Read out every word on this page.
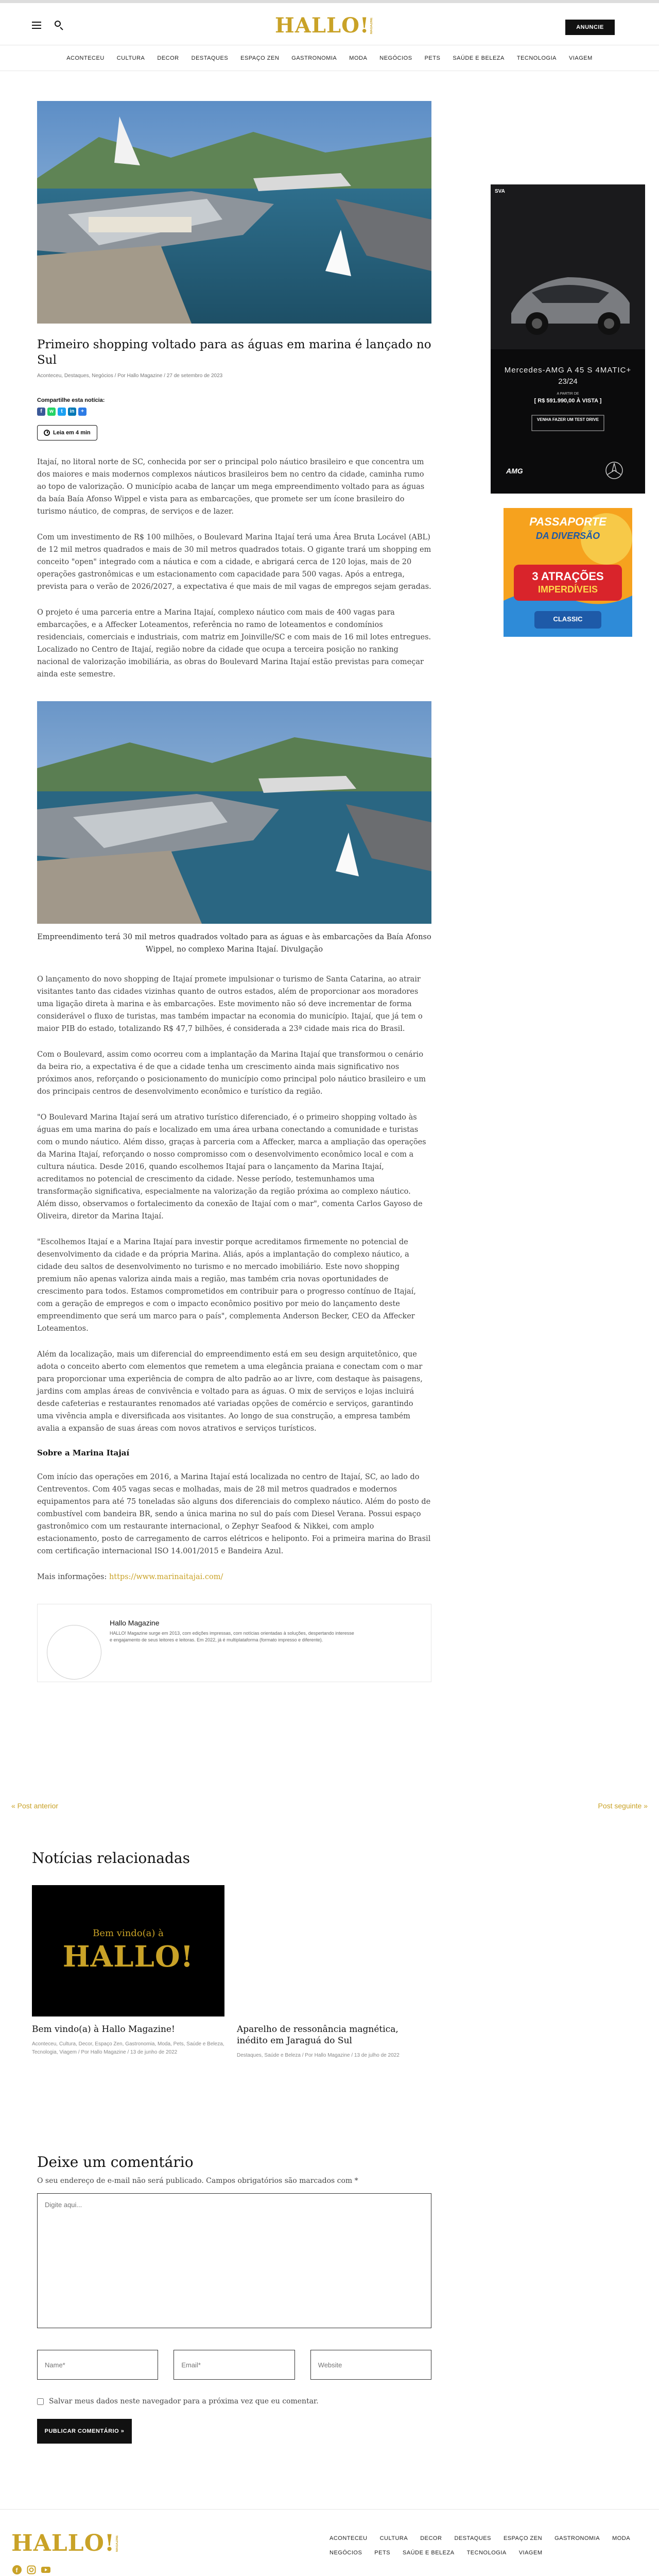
HALLO! MAGAZINE	ANUNCIE
ACONTECEU CULTURA DECOR DESTAQUES ESPAÇO ZEN GASTRONOMIA MODA NEGÓCIOS PETS SAÚDE E BELEZA TECNOLOGIA VIAGEM
Primeiro shopping voltado para as águas em marina é lançado no Sul
Aconteceu, Destaques, Negócios / Por Hallo Magazine / 27 de setembro de 2023
Compartilhe esta notícia:
f	w	t	in	+
Leia em 4 min

Itajaí, no litoral norte de SC, conhecida por ser o principal polo náutico brasileiro e que concentra um dos maiores e mais modernos complexos náuticos brasileiros bem no centro da cidade, caminha rumo ao topo de valorização. O município acaba de lançar um mega empreendimento voltado para as águas da baía Baía Afonso Wippel e vista para as embarcações, que promete ser um ícone brasileiro do turismo náutico, de compras, de serviços e de lazer.

Com um investimento de R$ 100 milhões, o Boulevard Marina Itajaí terá uma Área Bruta Locável (ABL) de 12 mil metros quadrados e mais de 30 mil metros quadrados totais. O gigante trará um shopping em conceito "open" integrado com a náutica e com a cidade, e abrigará cerca de 120 lojas, mais de 20 operações gastronômicas e um estacionamento com capacidade para 500 vagas. Após a entrega, prevista para o verão de 2026/2027, a expectativa é que mais de mil vagas de empregos sejam geradas.

O projeto é uma parceria entre a Marina Itajaí, complexo náutico com mais de 400 vagas para embarcações, e a Affecker Loteamentos, referência no ramo de loteamentos e condomínios residenciais, comerciais e industriais, com matriz em Joinville/SC e com mais de 16 mil lotes entregues. Localizado no Centro de Itajaí, região nobre da cidade que ocupa a terceira posição no ranking nacional de valorização imobiliária, as obras do Boulevard Marina Itajaí estão previstas para começar ainda este semestre.

Empreendimento terá 30 mil metros quadrados voltado para as águas e às embarcações da Baía Afonso Wippel, no complexo Marina Itajaí. Divulgação

O lançamento do novo shopping de Itajaí promete impulsionar o turismo de Santa Catarina, ao atrair visitantes tanto das cidades vizinhas quanto de outros estados, além de proporcionar aos moradores uma ligação direta à marina e às embarcações. Este movimento não só deve incrementar de forma considerável o fluxo de turistas, mas também impactar na economia do município. Itajaí, que já tem o maior PIB do estado, totalizando R$ 47,7 bilhões, é considerada a 23ª cidade mais rica do Brasil.

Com o Boulevard, assim como ocorreu com a implantação da Marina Itajaí que transformou o cenário da beira rio, a expectativa é de que a cidade tenha um crescimento ainda mais significativo nos próximos anos, reforçando o posicionamento do município como principal polo náutico brasileiro e um dos principais centros de desenvolvimento econômico e turístico da região.

"O Boulevard Marina Itajaí será um atrativo turístico diferenciado, é o primeiro shopping voltado às águas em uma marina do país e localizado em uma área urbana conectando a comunidade e turistas com o mundo náutico. Além disso, graças à parceria com a Affecker, marca a ampliação das operações da Marina Itajaí, reforçando o nosso compromisso com o desenvolvimento econômico local e com a cultura náutica. Desde 2016, quando escolhemos Itajaí para o lançamento da Marina Itajaí, acreditamos no potencial de crescimento da cidade. Nesse período, testemunhamos uma transformação significativa, especialmente na valorização da região próxima ao complexo náutico. Além disso, observamos o fortalecimento da conexão de Itajaí com o mar", comenta Carlos Gayoso de Oliveira, diretor da Marina Itajaí.

"Escolhemos Itajaí e a Marina Itajaí para investir porque acreditamos firmemente no potencial de desenvolvimento da cidade e da própria Marina. Aliás, após a implantação do complexo náutico, a cidade deu saltos de desenvolvimento no turismo e no mercado imobiliário. Este novo shopping premium não apenas valoriza ainda mais a região, mas também cria novas oportunidades de crescimento para todos. Estamos comprometidos em contribuir para o progresso contínuo de Itajaí, com a geração de empregos e com o impacto econômico positivo por meio do lançamento deste empreendimento que será um marco para o país", complementa Anderson Becker, CEO da Affecker Loteamentos.

Além da localização, mais um diferencial do empreendimento está em seu design arquitetônico, que adota o conceito aberto com elementos que remetem a uma elegância praiana e conectam com o mar para proporcionar uma experiência de compra de alto padrão ao ar livre, com destaque às paisagens, jardins com amplas áreas de convivência e voltado para as águas. O mix de serviços e lojas incluirá desde cafeterias e restaurantes renomados até variadas opções de comércio e serviços, garantindo uma vivência ampla e diversificada aos visitantes. Ao longo de sua construção, a empresa também avalia a expansão de suas áreas com novos atrativos e serviços turísticos.

Sobre a Marina Itajaí

Com início das operações em 2016, a Marina Itajaí está localizada no centro de Itajaí, SC, ao lado do Centreventos. Com 405 vagas secas e molhadas, mais de 28 mil metros quadrados e modernos equipamentos para até 75 toneladas são alguns dos diferenciais do complexo náutico. Além do posto de combustível com bandeira BR, sendo a única marina no sul do país com Diesel Verana. Possui espaço gastronômico com um restaurante internacional, o Zephyr Seafood & Nikkei, com amplo estacionamento, posto de carregamento de carros elétricos e heliponto. Foi a primeira marina do Brasil com certificação internacional ISO 14.001/2015 e Bandeira Azul.

Mais informações: https://www.marinaitajai.com/

Hallo Magazine
HALLO! Magazine surge em 2013, com edições impressas, com notícias orientadas à soluções, despertando interesse e engajamento de seus leitores e leitoras. Em 2022, já é multiplataforma (formato impresso e diferente).
SVA
Mercedes-AMG A 45 S 4MATIC+
23/24
A PARTIR DE
[ R$ 591.990,00 À VISTA ]
VENHA FAZER UM TEST DRIVE
AMG
PASSAPORTE
DA DIVERSÃO
3 ATRAÇÕES
IMPERDÍVEIS
CLASSIC
« Post anterior	Post seguinte »
Notícias relacionadas
Bem vindo(a) à
HALLO!
Bem vindo(a) à Hallo Magazine!
Aconteceu, Cultura, Decor, Espaço Zen, Gastronomia, Moda, Pets, Saúde e Beleza, Tecnologia, Viagem / Por Hallo Magazine / 13 de junho de 2022
Aparelho de ressonância magnética, inédito em Jaraguá do Sul
Destaques, Saúde e Beleza / Por Hallo Magazine / 13 de julho de 2022
Deixe um comentário
O seu endereço de e-mail não será publicado. Campos obrigatórios são marcados com *
Digite aqui...
Name*
Email*
Website
Salvar meus dados neste navegador para a próxima vez que eu comentar.
PUBLICAR COMENTÁRIO »
HALLO! MAGAZINE
f
ACONTECEU CULTURA DECOR DESTAQUES ESPAÇO ZEN GASTRONOMIA MODA
NEGÓCIOS PETS SAÚDE E BELEZA TECNOLOGIA VIAGEM
